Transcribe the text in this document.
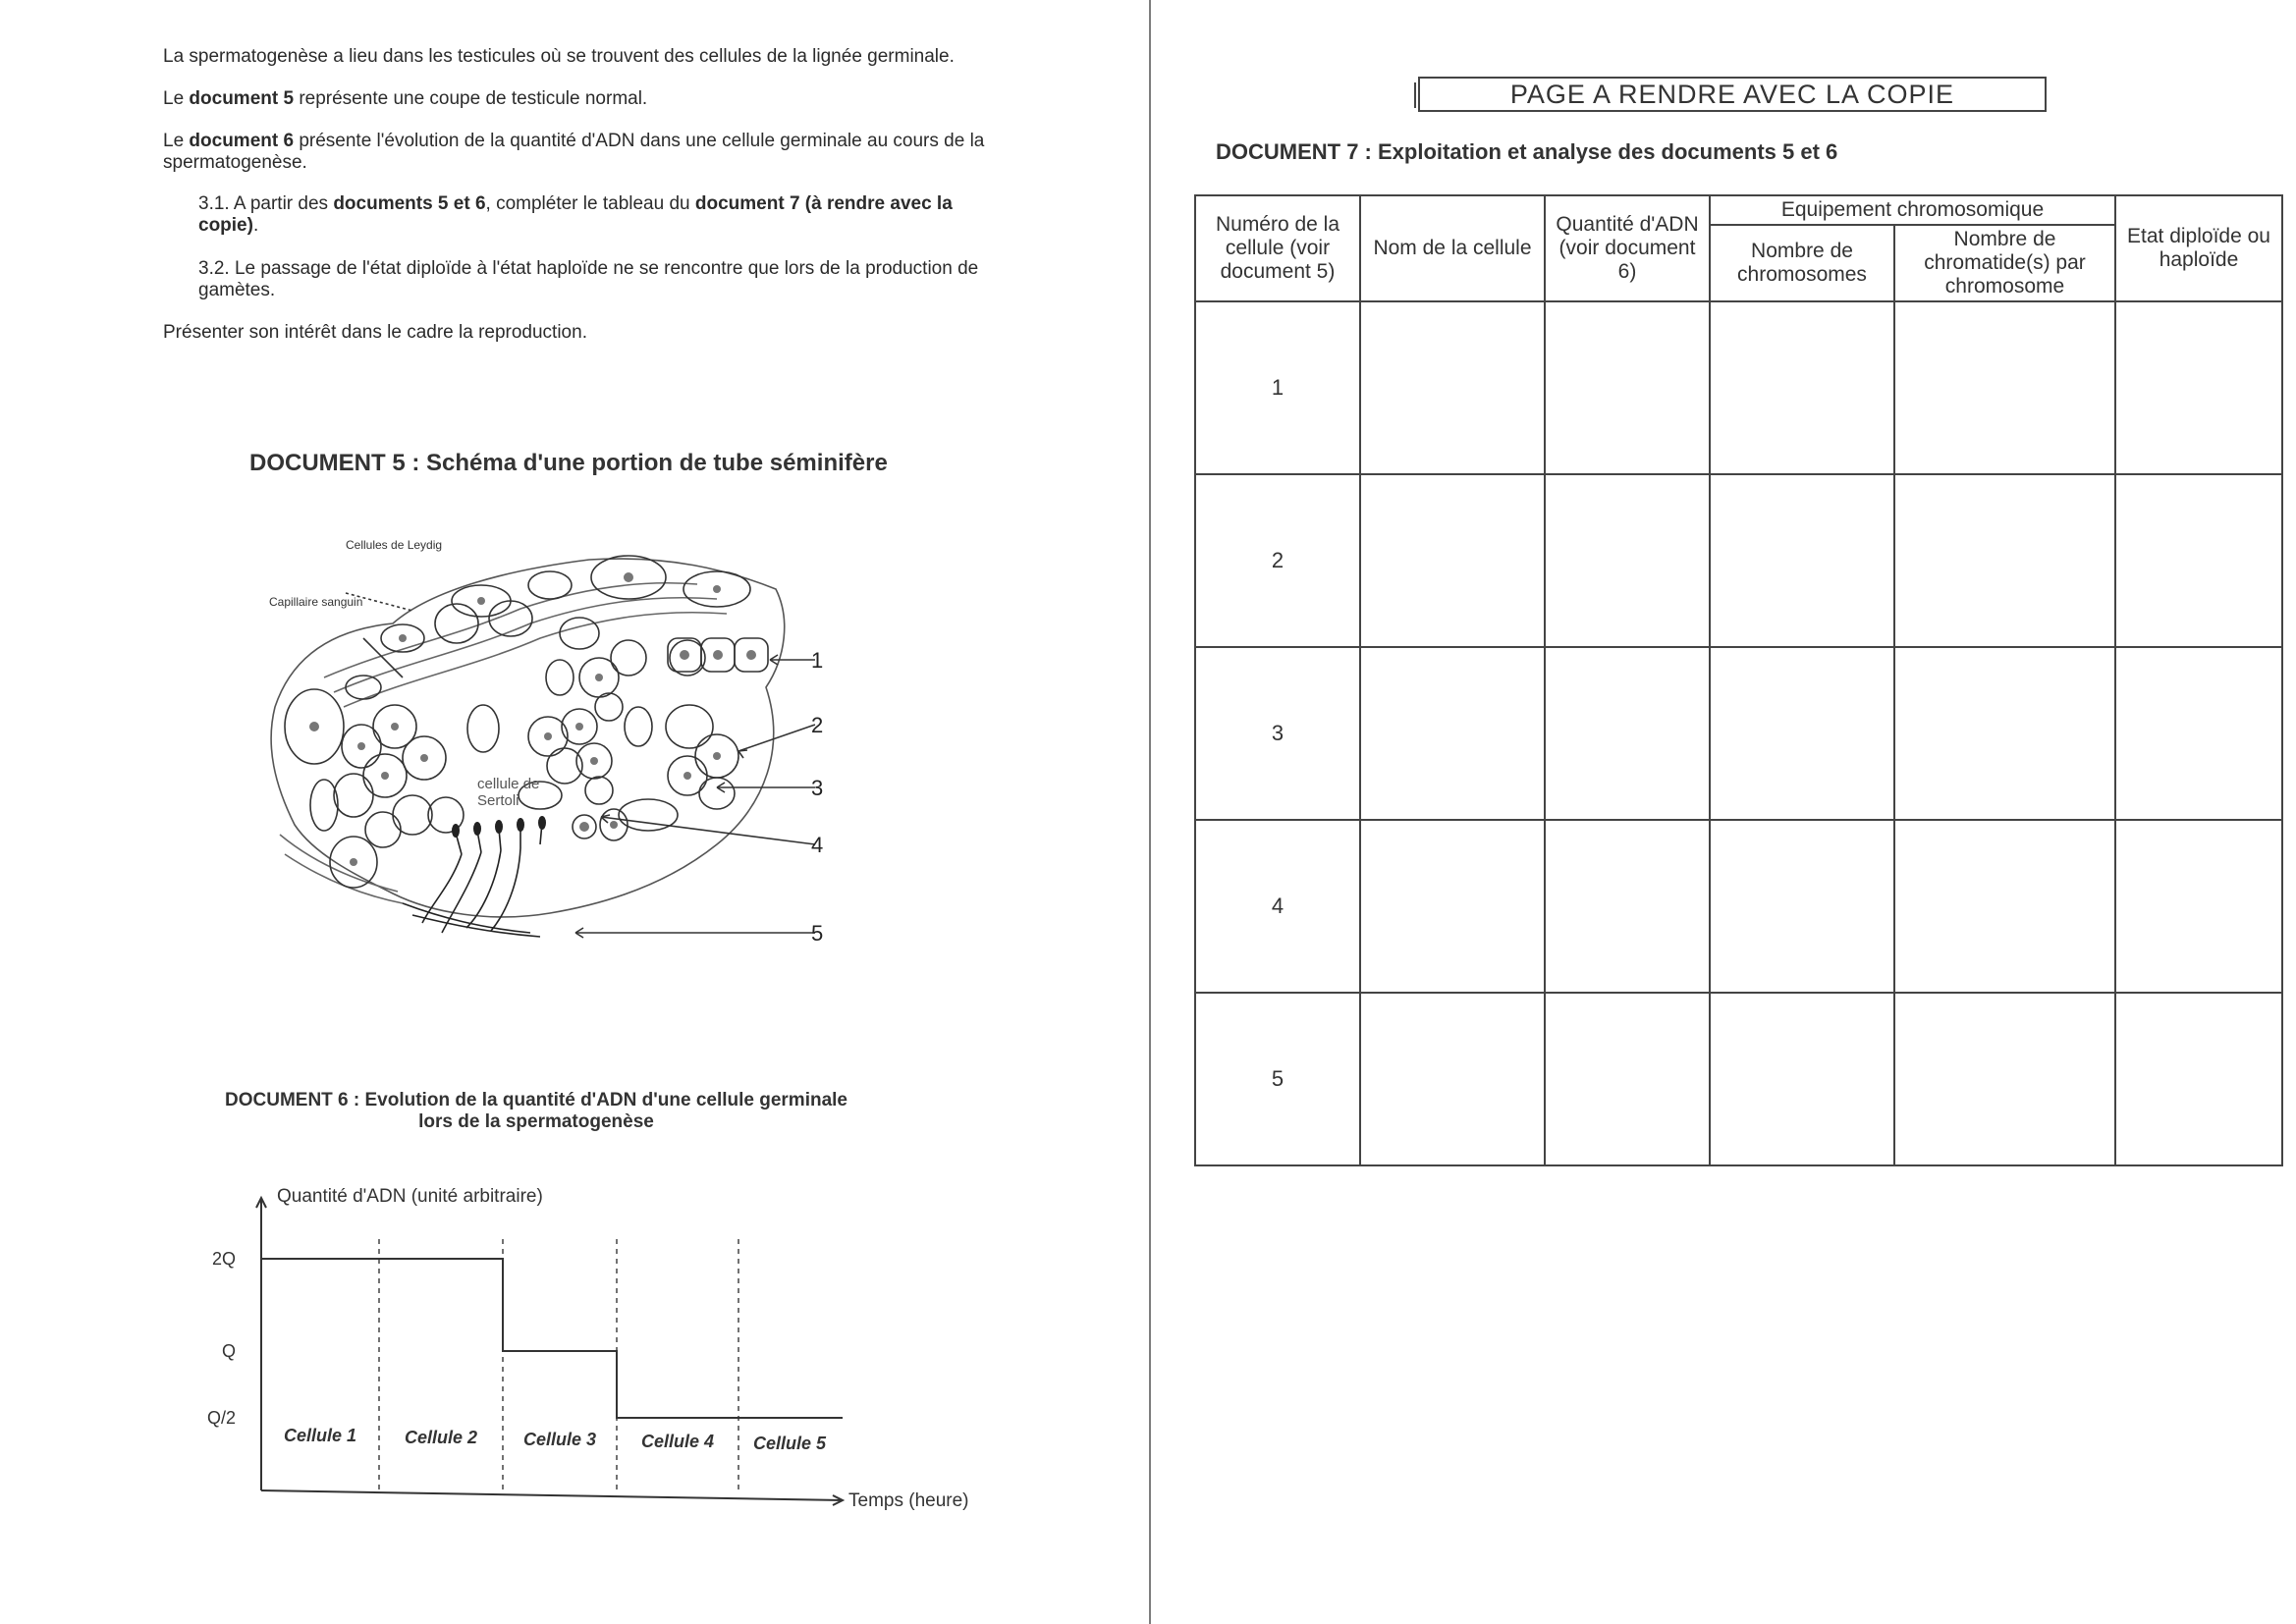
La spermatogenèse a lieu dans les testicules où se trouvent des cellules de la lignée germinale.
Le document 5 représente une coupe de testicule normal.
Le document 6 présente l'évolution de la quantité d'ADN dans une cellule germinale au cours de la spermatogenèse.
3.1. A partir des documents 5 et 6, compléter le tableau du document 7 (à rendre avec la copie).
3.2. Le passage de l'état diploïde à l'état haploïde ne se rencontre que lors de la production de gamètes.
Présenter son intérêt dans le cadre la reproduction.
DOCUMENT 5 : Schéma d'une portion de tube séminifère
Cellules de Leydig
Capillaire sanguin
cellule de Sertoli
1
2
3
4
5
DOCUMENT 6 : Evolution de la quantité d'ADN d'une cellule germinale
lors de la spermatogenèse
Quantité d'ADN (unité arbitraire)
Temps (heure)
2Q
Q
Q/2
Cellule 1	Cellule 2	Cellule 3	Cellule 4 Cellule 5
PAGE A RENDRE AVEC LA COPIE
DOCUMENT 7 : Exploitation et analyse des documents 5 et 6
Numéro de la cellule (voir document 5)	Nom de la cellule	Quantité d'ADN (voir document 6)	Equipement chromosomique		Etat diploïde ou haploïde
			Nombre de chromosomes	Nombre de chromatide(s) par chromosome	
1					
2					
3					
4					
5					
